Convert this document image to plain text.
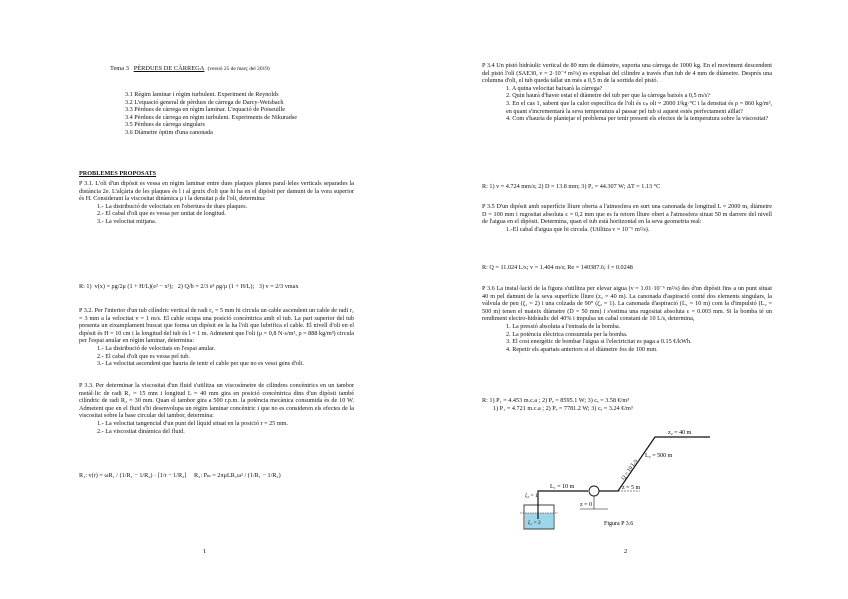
Tema 3 PÈRDUES DE CÀRREGA (versió 25 de març del 2019)
3.1 Règim laminar i règim turbulent. Experiment de Reynolds
3.2 L'equació general de pèrdues de càrrega de Darcy-Weisbach
3.3 Pèrdues de càrrega en règim laminar. L'equació de Poiseuille
3.4 Pèrdues de càrrega en règim turbulent. Experiments de Nikuradse
3.5 Pèrdues de càrrega singulars
3.6 Diàmetre òptim d'una canonada
PROBLEMES PROPOSATS
P 3.1. L'oli d'un dipòsit es vessa en règim laminar entre dues plaques planes paral·leles verticals separades la distància 2e. L'alçària de les plaques és l i al gruix d'oli que hi ha en el dipòsit per damunt de la vora superior és H. Considerant la viscositat dinàmica μ i la densitat ρ de l'oli, determina:
1.- La distribució de velocitats en l'obertura de dues plaques.
2.- El cabal d'oli que es vessa per unitat de longitud.
3.- La velocitat mitjana.
R: 1) v(x) = ρg/2μ (1 + H/L)(e² − x²); 2) Q/b = 2/3 e³ ρg/μ (1 + H/L); 3) v = 2/3 vmax
P 3.2. Per l'interior d'un tub cilíndric vertical de radi r₂ = 5 mm hi circula un cable ascendent un cable de radi r₁ = 3 mm a la velocitat v = 1 m/s. El cable ocupa una posició concèntrica amb el tub. La part superior del tub presenta un eixamplament buscat que forma un dipòsit en la ha l'oli que lubrifica el cable. El nivell d'oli en el dipòsit és H = 10 cm i la longitud del tub és l = 1 m. Admetent que l'oli (μ = 0,8 N·s/m², ρ = 888 kg/m³) circula per l'espai anular en règim laminar, determina:
1.- La distribució de velocitats en l'espai anular.
2.- El cabal d'oli que es vessa pel tub.
3.- La velocitat ascendent que hauria de tenir el cable per que no es vessi gens d'oli.
P 3.3. Per determinar la viscositat d'un fluid s'utilitza un viscosímetre de cilindres concèntrics en un tambor metàl·lic de radi R₁ = 15 mm i longitud L = 40 mm gira en posició concèntrica dins d'un dipòsit també cilíndric de radi R₂ = 30 mm. Quan el tambor gira a 500 r.p.m. la potència mecànica consumida és de 10 W. Admetent que en el fluid s'hi desenvolupa un règim laminar concèntric i que no es consideren els efectes de la viscositat sobre la base circular del tambor, determina:
1.- La velocitat tangencial d'un punt del líquid situat en la posició r = 25 mm.
2.- La viscositat dinàmica del fluid.
R₁: v(r) = ωR₁ / (1/R₁ − 1/R₂) · [1/r − 1/R₂] R₂: Pₘ = 2πμLR₁ω² / (1/R₁ − 1/R₂)
1
P 3.4 Un pistó hidràulic vertical de 80 mm de diàmetre, suporta una càrrega de 1000 kg. En el moviment descendent del pistó l'oli (SAE30, ν = 2·10⁻⁴ m²/s) es expulsat del cilindre a través d'un tub de 4 mm de diàmetre. Després una columna d'oli, el tub queda tallat un més a 0,5 m de la sortida del pistó.
1. A quina velocitat baixarà la càrrega?
2. Quin haurà d'haver estat el diàmetre del tub per que la càrrega baixés a 0,5 m/s?
3. En el cas 1, sabent que la calor específica de l'oli és cₚ oli = 2000 J/kg·°C i la densitat és ρ = 860 kg/m³, en quant s'incrementarà la seva temperatura al passar pel tub si aquest estés perfectament aïllat?
4. Com s'hauria de plantejar el problema per tenir present els efectes de la temperatura sobre la viscositat?
R: 1) v = 4.724 mm/s; 2) D = 13.8 mm; 3) Pₐ = 44.307 W; ΔT = 1.13 °C
P 3.5 D'un dipòsit amb superfície lliure oberta a l'atmosfera en surt una canonada de longitud L = 2000 m, diàmetre D = 100 mm i rugositat absoluta ε = 0,2 mm que es fa retorn lliure obert a l'atmosfera situat 50 m darrere del nivell de l'aigua en el dipòsit. Determina, quan el tub està horitzontal en la seva geometria real:
1.-El cabal d'aigua que hi circula. (Utilitza ν = 10⁻⁶ m²/s).
R: Q = 11.024 L/s; v = 1.404 m/s; Re = 140387.6; f = 0.0248
P 3.6 La instal·lació de la figura s'utilitza per elevar aigua (ν = 1.01·10⁻⁶ m²/s) des d'un dipòsit fins a un punt situat 40 m pel damunt de la seva superfície lliure (z₂ = 40 m). La canonada d'aspiració conté dos elements singulars, la vàlvula de peu (ζ₁ = 2) i una colzada de 90° (ζ₂ = 1). La canonada d'aspiració (L₁ = 10 m) com la d'impulsió (L₂ = 500 m) tenen el mateix diàmetre (D = 50 mm) i s'estima una rugositat absoluta ε = 0.003 mm. Si la bomba té un rendiment electro-hidràulic del 40% i impulsa un cabal constant de 10 L/s, determina,
1. La pressió absoluta a l'entrada de la bomba.
2. La potència elèctrica consumida per la bomba.
3. El cost energètic de bombar l'aigua si l'electricitat es paga a 0.15 €/kWh.
4. Repetir els apartats anteriors si el diàmetre fos de 100 mm.
R: 1) P₁ = 4.453 m.c.a ; 2) Pₑ = 8595.1 W; 3) cₑ = 3.58 €/m³
1) P₁ = 4.721 m.c.a ; 2) Pₑ = 7781.2 W; 3) cₑ = 3.24 €/m³
z₂ = 40 m
L₂ = 500 m
Q = 10 L/s
L₁ = 10 m	z = 5 m
z = 0
ζ₂ = 1
ζ₁ = 2	Figura P 3.6
2
